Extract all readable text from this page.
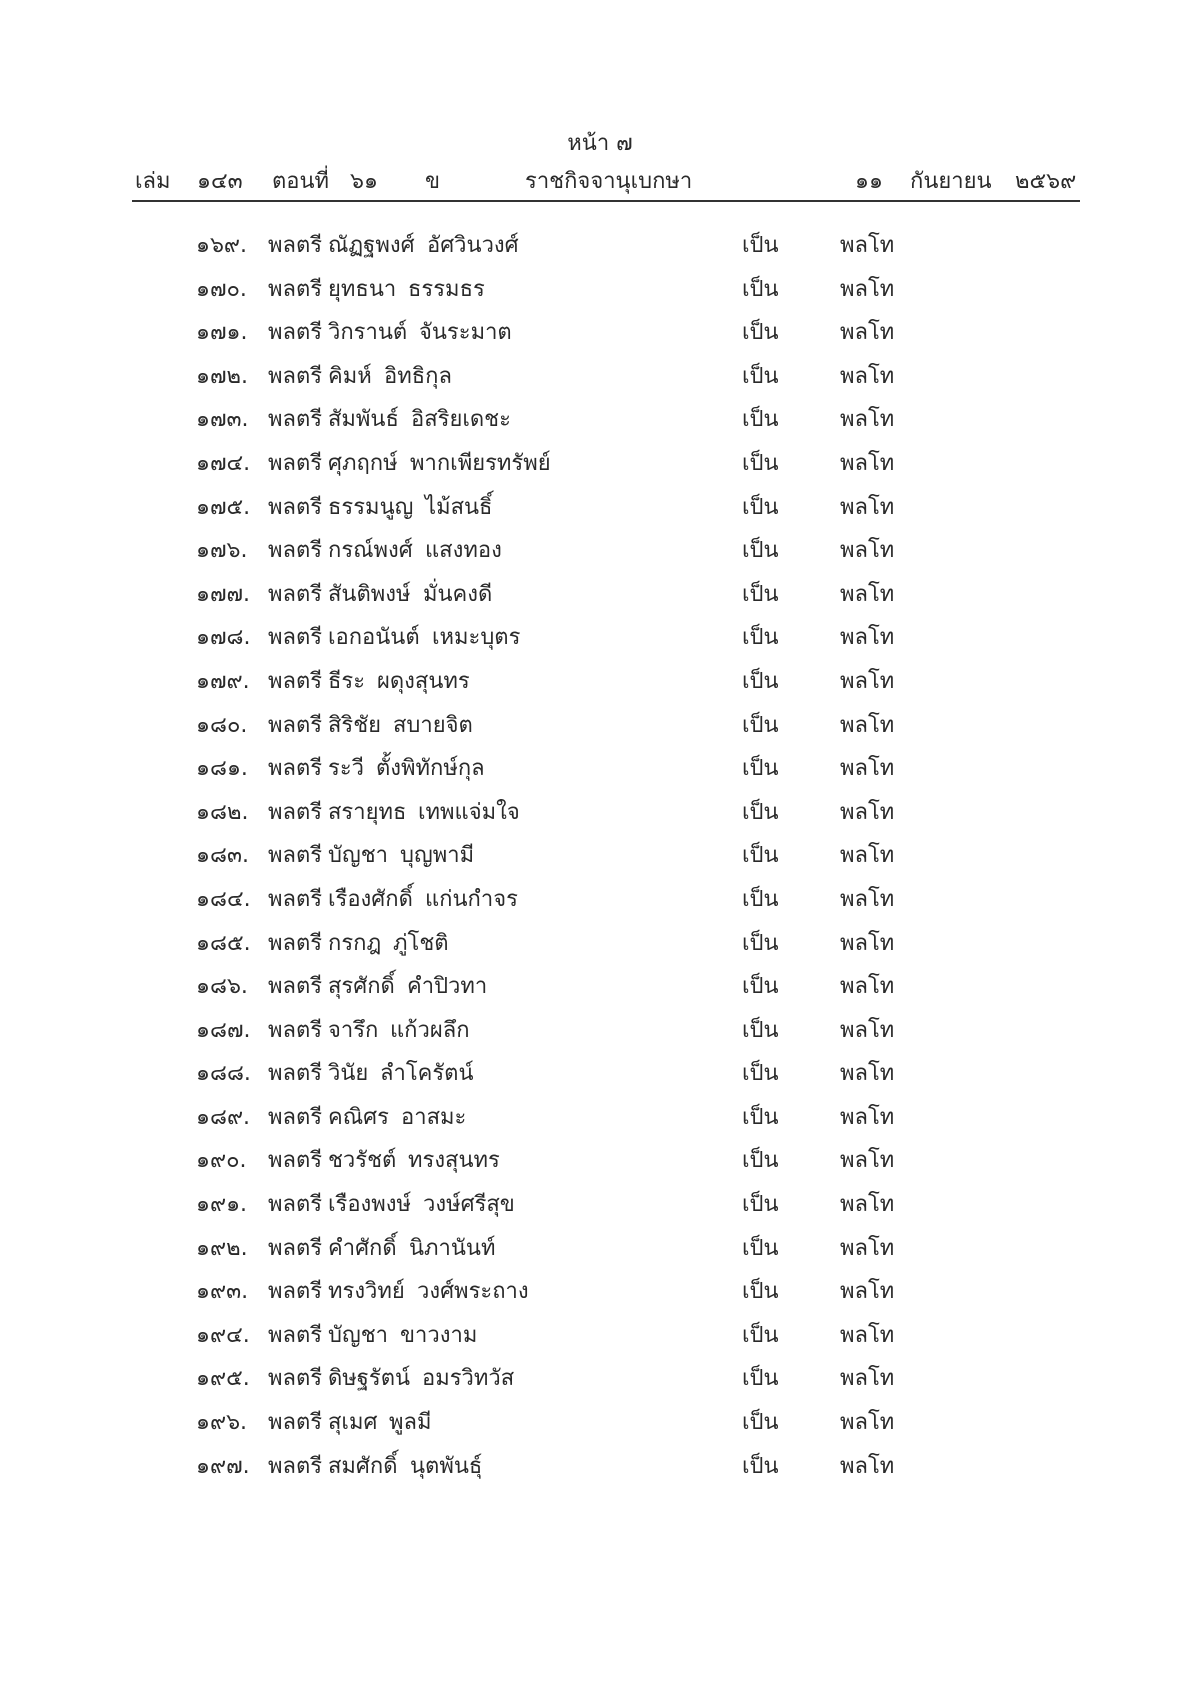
หน้า ๗
เล่ม ๑๔๓ ตอนที่ ๖๑ ข	ราชกิจจานุเบกษา	๑๑ กันยายน ๒๕๖๙
๑๖๙. พลตรี ณัฏฐพงศ์ อัศวินวงศ์	เป็น	พลโท
๑๗๐. พลตรี ยุทธนา ธรรมธร	เป็น	พลโท
๑๗๑. พลตรี วิกรานต์ จันระมาต	เป็น	พลโท
๑๗๒. พลตรี คิมห์ อิทธิกุล	เป็น	พลโท
๑๗๓. พลตรี สัมพันธ์ อิสริยเดชะ	เป็น	พลโท
๑๗๔. พลตรี ศุภฤกษ์ พากเพียรทรัพย์	เป็น	พลโท
๑๗๕. พลตรี ธรรมนูญ ไม้สนธิ์	เป็น	พลโท
๑๗๖. พลตรี กรณ์พงศ์ แสงทอง	เป็น	พลโท
๑๗๗. พลตรี สันติพงษ์ มั่นคงดี	เป็น	พลโท
๑๗๘. พลตรี เอกอนันต์ เหมะบุตร	เป็น	พลโท
๑๗๙. พลตรี ธีระ ผดุงสุนทร	เป็น	พลโท
๑๘๐. พลตรี สิริชัย สบายจิต	เป็น	พลโท
๑๘๑. พลตรี ระวี ตั้งพิทักษ์กุล	เป็น	พลโท
๑๘๒. พลตรี สรายุทธ เทพแจ่มใจ	เป็น	พลโท
๑๘๓. พลตรี บัญชา บุญพามี	เป็น	พลโท
๑๘๔. พลตรี เรืองศักดิ์ แก่นกำจร	เป็น	พลโท
๑๘๕. พลตรี กรกฎ ภู่โชติ	เป็น	พลโท
๑๘๖. พลตรี สุรศักดิ์ คำปิวทา	เป็น	พลโท
๑๘๗. พลตรี จารึก แก้วผลึก	เป็น	พลโท
๑๘๘. พลตรี วินัย ลำโครัตน์	เป็น	พลโท
๑๘๙. พลตรี คณิศร อาสมะ	เป็น	พลโท
๑๙๐. พลตรี ชวรัชต์ ทรงสุนทร	เป็น	พลโท
๑๙๑. พลตรี เรืองพงษ์ วงษ์ศรีสุข	เป็น	พลโท
๑๙๒. พลตรี คำศักดิ์ นิภานันท์	เป็น	พลโท
๑๙๓. พลตรี ทรงวิทย์ วงศ์พระถาง	เป็น	พลโท
๑๙๔. พลตรี บัญชา ขาวงาม	เป็น	พลโท
๑๙๕. พลตรี ดิษฐรัตน์ อมรวิทวัส	เป็น	พลโท
๑๙๖. พลตรี สุเมศ พูลมี	เป็น	พลโท
๑๙๗. พลตรี สมศักดิ์ นุตพันธุ์	เป็น	พลโท
